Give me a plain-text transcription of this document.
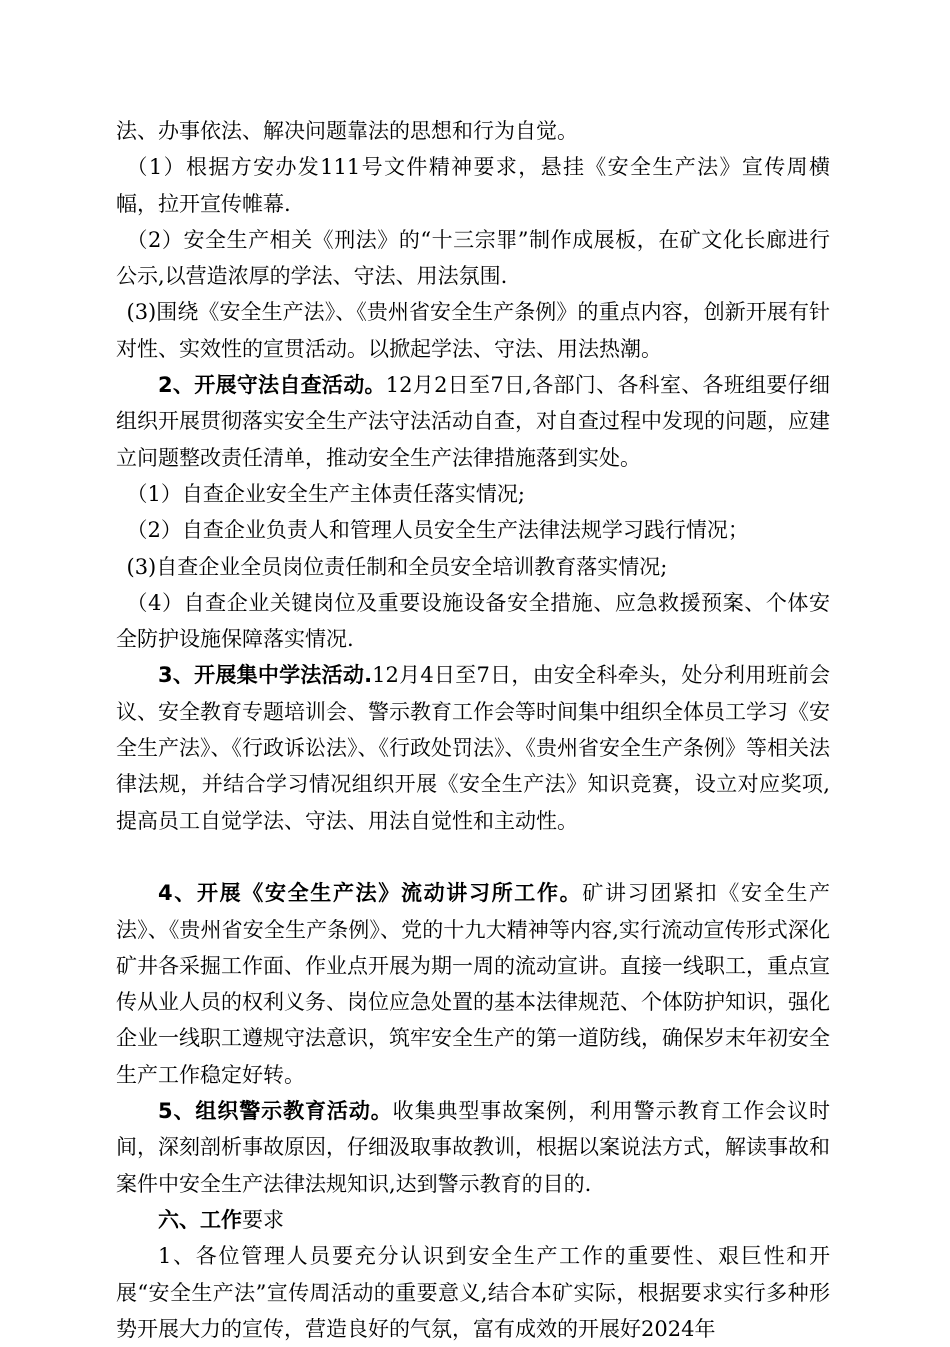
法、办事依法、解决问题靠法的思想和行为自觉。

（1）根据方安办发111号文件精神要求，悬挂《安全生产法》宣传周横幅，拉开宣传帷幕.

（2）安全生产相关《刑法》的“十三宗罪”制作成展板，在矿文化长廊进行公示,以营造浓厚的学法、守法、用法氛围.

(3)围绕《安全生产法》、《贵州省安全生产条例》的重点内容，创新开展有针对性、实效性的宣贯活动。以掀起学法、守法、用法热潮。

2、开展守法自查活动。12月2日至7日,各部门、各科室、各班组要仔细组织开展贯彻落实安全生产法守法活动自查，对自查过程中发现的问题，应建立问题整改责任清单，推动安全生产法律措施落到实处。

（1）自查企业安全生产主体责任落实情况;

（2）自查企业负责人和管理人员安全生产法律法规学习践行情况；

(3)自查企业全员岗位责任制和全员安全培训教育落实情况;

（4）自查企业关键岗位及重要设施设备安全措施、应急救援预案、个体安全防护设施保障落实情况.

3、开展集中学法活动.12月4日至7日，由安全科牵头，处分利用班前会议、安全教育专题培训会、警示教育工作会等时间集中组织全体员工学习《安全生产法》、《行政诉讼法》、《行政处罚法》、《贵州省安全生产条例》等相关法律法规，并结合学习情况组织开展《安全生产法》知识竞赛，设立对应奖项,提高员工自觉学法、守法、用法自觉性和主动性。

4、开展《安全生产法》流动讲习所工作。矿讲习团紧扣《安全生产法》、《贵州省安全生产条例》、党的十九大精神等内容,实行流动宣传形式深化矿井各采掘工作面、作业点开展为期一周的流动宣讲。直接一线职工，重点宣传从业人员的权利义务、岗位应急处置的基本法律规范、个体防护知识，强化企业一线职工遵规守法意识，筑牢安全生产的第一道防线，确保岁末年初安全生产工作稳定好转。

5、组织警示教育活动。收集典型事故案例，利用警示教育工作会议时间，深刻剖析事故原因，仔细汲取事故教训，根据以案说法方式，解读事故和案件中安全生产法律法规知识,达到警示教育的目的.

六、工作要求

1、各位管理人员要充分认识到安全生产工作的重要性、艰巨性和开展“安全生产法”宣传周活动的重要意义,结合本矿实际，根据要求实行多种形势开展大力的宣传，营造良好的气氛，富有成效的开展好2024年
